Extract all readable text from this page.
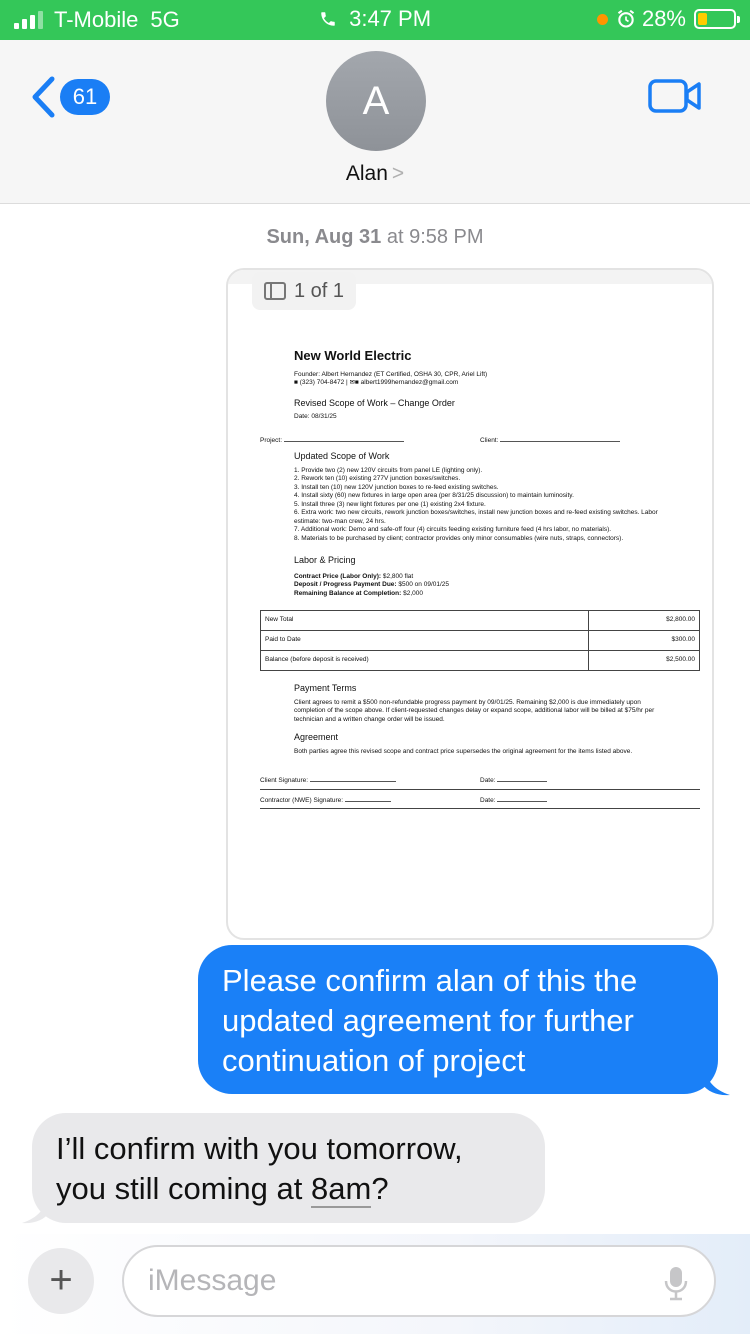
T-Mobile 5G	3:47 PM	28%
61	A
Alan >
Sun, Aug 31 at 9:58 PM
1 of 1
New World Electric
Founder: Albert Hernandez (ET Certified, OSHA 30, CPR, Ariel Lift)
■ (323) 704-8472 | ✉■ albert1999hernandez@gmail.com
Revised Scope of Work – Change Order
Date: 08/31/25
Project:	Client:
Updated Scope of Work
1. Provide two (2) new 120V circuits from panel LE (lighting only).
2. Rework ten (10) existing 277V junction boxes/switches.
3. Install ten (10) new 120V junction boxes to re-feed existing switches.
4. Install sixty (60) new fixtures in large open area (per 8/31/25 discussion) to maintain luminosity.
5. Install three (3) new light fixtures per one (1) existing 2x4 fixture.
6. Extra work: two new circuits, rework junction boxes/switches, install new junction boxes and re-feed existing switches. Labor estimate: two-man crew, 24 hrs.
7. Additional work: Demo and safe-off four (4) circuits feeding existing furniture feed (4 hrs labor, no materials).
8. Materials to be purchased by client; contractor provides only minor consumables (wire nuts, straps, connectors).
Labor & Pricing
Contract Price (Labor Only): $2,800 flat
Deposit / Progress Payment Due: $500 on 09/01/25
Remaining Balance at Completion: $2,000
New Total	$2,800.00
Paid to Date	$300.00
Balance (before deposit is received)	$2,500.00
Payment Terms
Client agrees to remit a $500 non-refundable progress payment by 09/01/25. Remaining $2,000 is due immediately upon completion of the scope above. If client-requested changes delay or expand scope, additional labor will be billed at $75/hr per technician and a written change order will be issued.
Agreement
Both parties agree this revised scope and contract price supersedes the original agreement for the items listed above.
Client Signature:	Date:
Contractor (NWE) Signature:	Date:
Please confirm alan of this the updated agreement for further continuation of project
I’ll confirm with you tomorrow, you still coming at 8am?
+
iMessage
